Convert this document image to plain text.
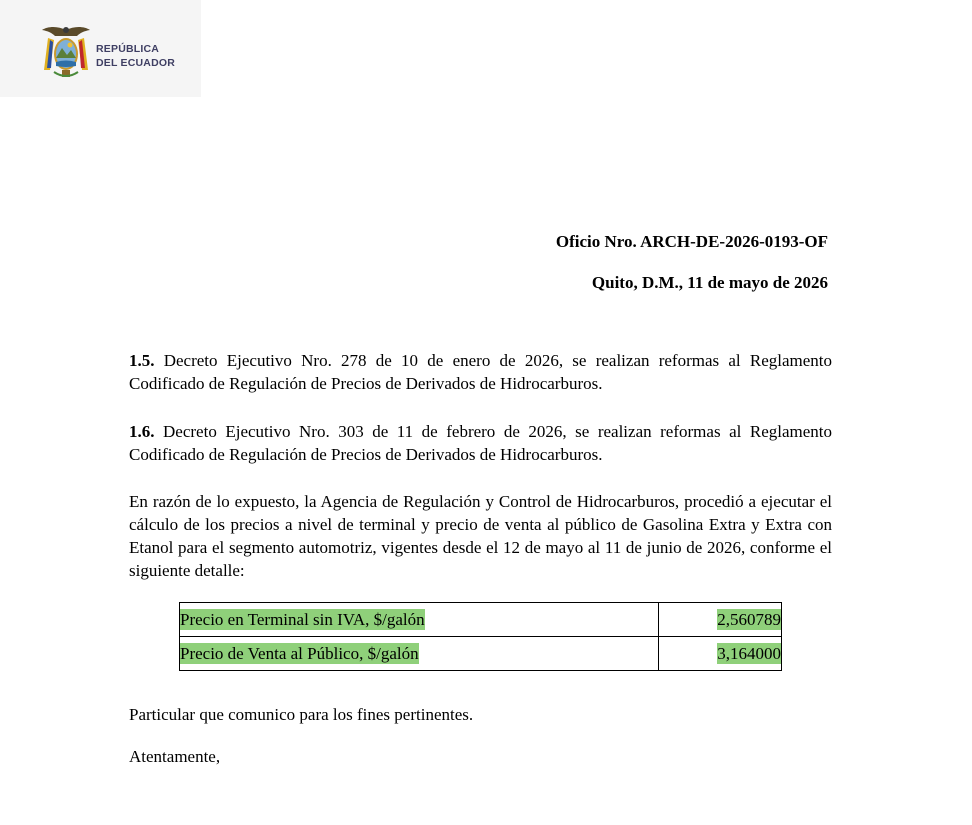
REPÚBLICA
DEL ECUADOR
Oficio Nro. ARCH-DE-2026-0193-OF
Quito, D.M., 11 de mayo de 2026

1.5. Decreto Ejecutivo Nro. 278 de 10 de enero de 2026, se realizan reformas al Reglamento Codificado de Regulación de Precios de Derivados de Hidrocarburos.

1.6. Decreto Ejecutivo Nro. 303 de 11 de febrero de 2026, se realizan reformas al Reglamento Codificado de Regulación de Precios de Derivados de Hidrocarburos.

En razón de lo expuesto, la Agencia de Regulación y Control de Hidrocarburos, procedió a ejecutar el cálculo de los precios a nivel de terminal y precio de venta al público de Gasolina Extra y Extra con Etanol para el segmento automotriz, vigentes desde el 12 de mayo al 11 de junio de 2026, conforme el siguiente detalle:

Precio en Terminal sin IVA, $/galón	2,560789
Precio de Venta al Público, $/galón	3,164000

Particular que comunico para los fines pertinentes.

Atentamente,
